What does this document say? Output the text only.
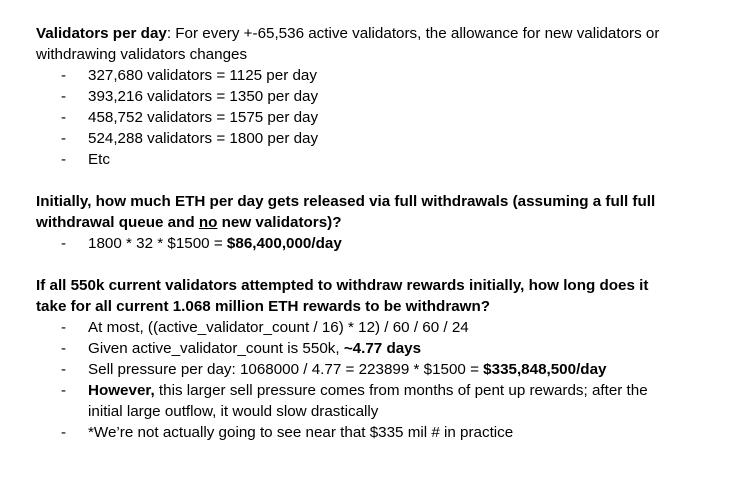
Validators per day: For every +-65,536 active validators, the allowance for new validators or
withdrawing validators changes

- 327,680 validators = 1125 per day
- 393,216 validators = 1350 per day
- 458,752 validators = 1575 per day
- 524,288 validators = 1800 per day
- Etc

Initially, how much ETH per day gets released via full withdrawals (assuming a full full
withdrawal queue and no new validators)?

- 1800 * 32 * $1500 = $86,400,000/day

If all 550k current validators attempted to withdraw rewards initially, how long does it
take for all current 1.068 million ETH rewards to be withdrawn?

- At most, ((active_validator_count / 16) * 12) / 60 / 60 / 24
- Given active_validator_count is 550k, ~4.77 days
- Sell pressure per day: 1068000 / 4.77 = 223899 * $1500 = $335,848,500/day
- However, this larger sell pressure comes from months of pent up rewards; after the
initial large outflow, it would slow drastically
- *We’re not actually going to see near that $335 mil # in practice
